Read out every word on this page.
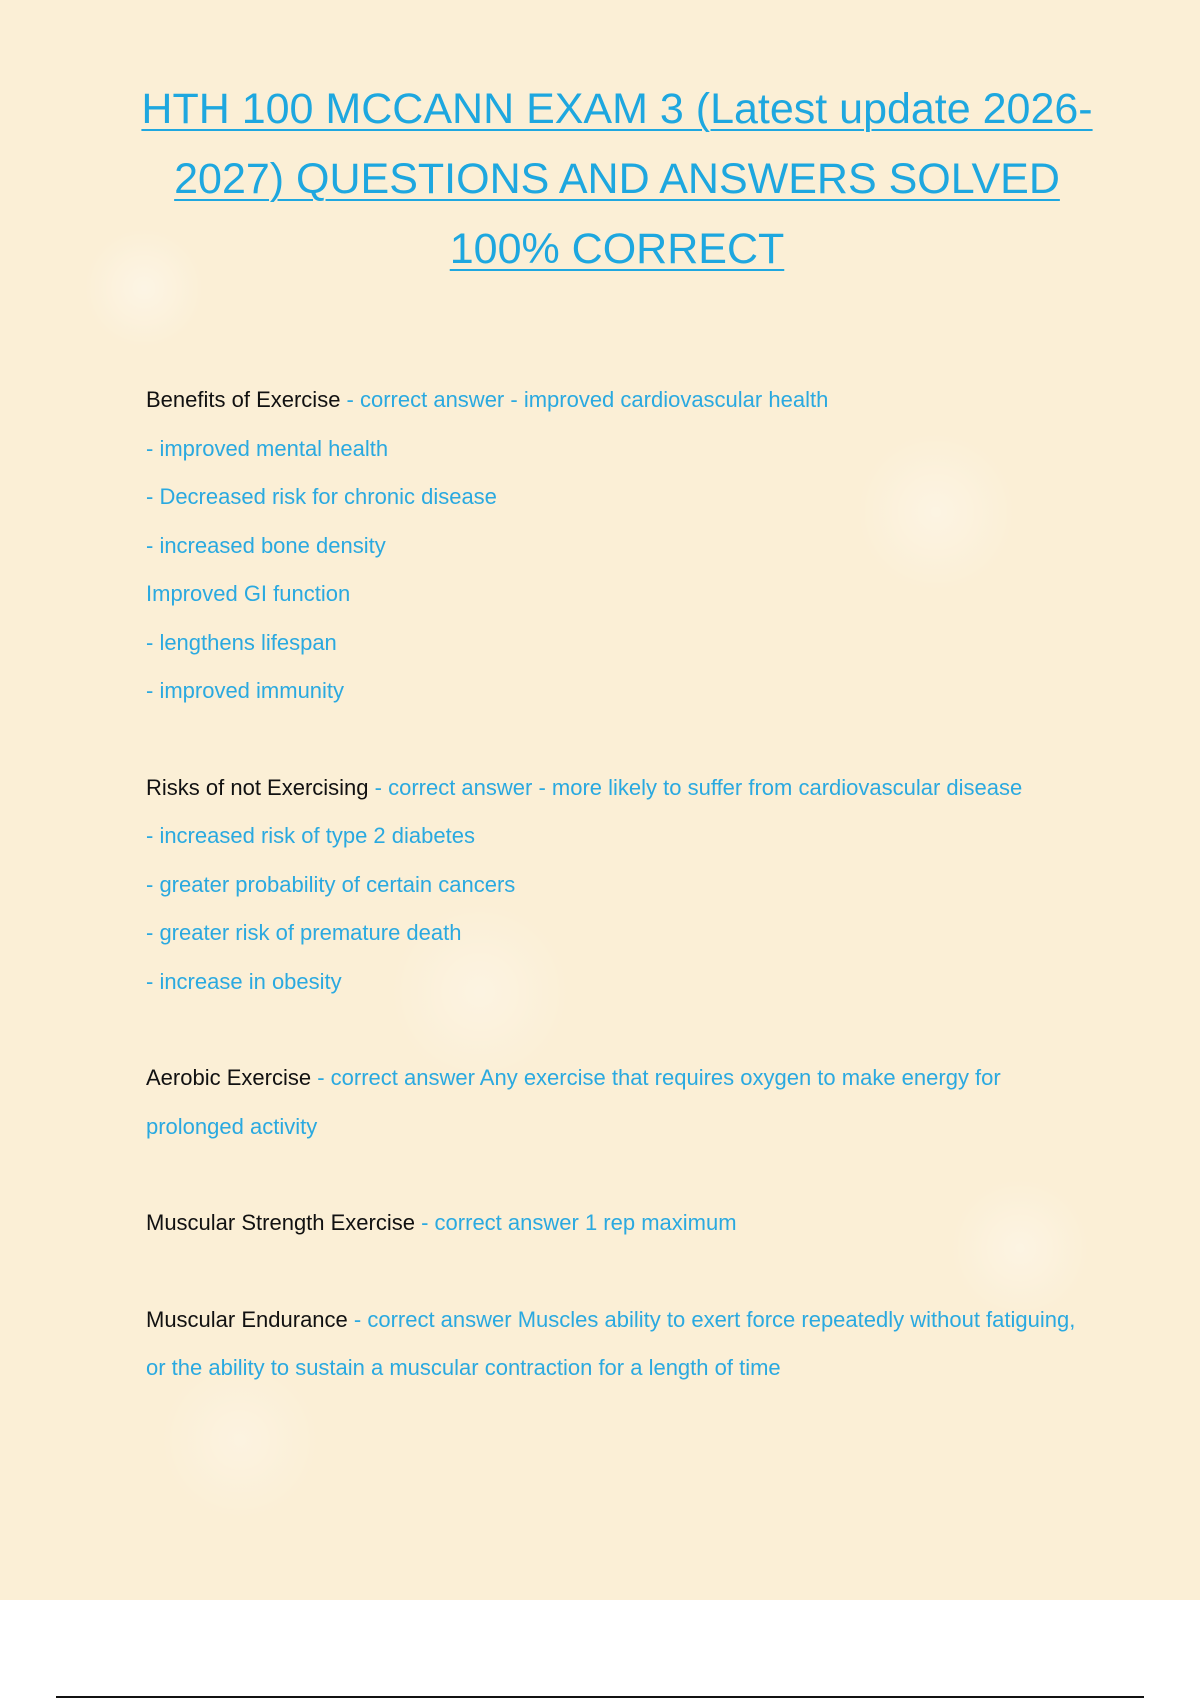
HTH 100 MCCANN EXAM 3 (Latest update 2026- 2027) QUESTIONS AND ANSWERS SOLVED 100% CORRECT
Benefits of Exercise - correct answer - improved cardiovascular health
- improved mental health
- Decreased risk for chronic disease
- increased bone density
Improved GI function
- lengthens lifespan
- improved immunity
Risks of not Exercising - correct answer - more likely to suffer from cardiovascular disease
- increased risk of type 2 diabetes
- greater probability of certain cancers
- greater risk of premature death
- increase in obesity
Aerobic Exercise - correct answer Any exercise that requires oxygen to make energy for prolonged activity
Muscular Strength Exercise - correct answer 1 rep maximum
Muscular Endurance - correct answer Muscles ability to exert force repeatedly without fatiguing, or the ability to sustain a muscular contraction for a length of time
